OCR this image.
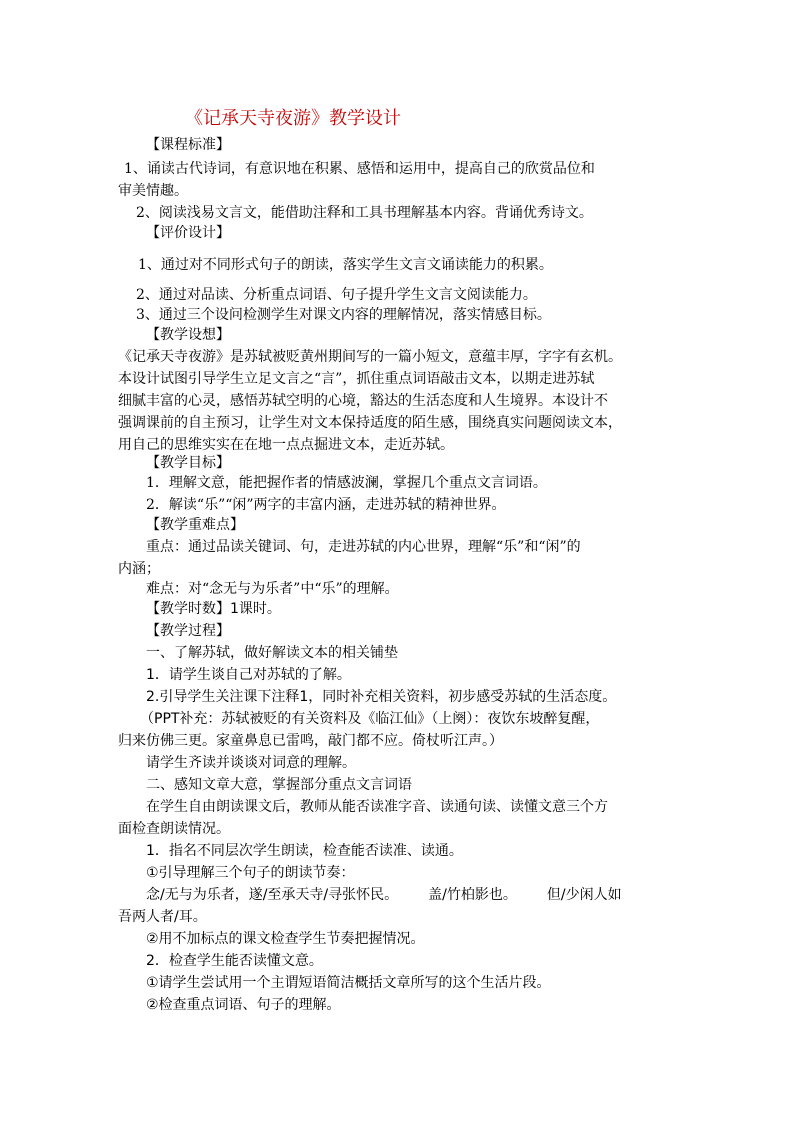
《记承天寺夜游》教学设计
【课程标准】
1、诵读古代诗词，有意识地在积累、感悟和运用中，提高自己的欣赏品位和
审美情趣。
2、阅读浅易文言文，能借助注释和工具书理解基本内容。背诵优秀诗文。
【评价设计】
1、通过对不同形式句子的朗读，落实学生文言文诵读能力的积累。
2、通过对品读、分析重点词语、句子提升学生文言文阅读能力。
3、通过三个设问检测学生对课文内容的理解情况，落实情感目标。
【教学设想】
《记承天寺夜游》是苏轼被贬黄州期间写的一篇小短文，意蕴丰厚，字字有玄机。
本设计试图引导学生立足文言之“言”，抓住重点词语敲击文本，以期走进苏轼
细腻丰富的心灵，感悟苏轼空明的心境，豁达的生活态度和人生境界。本设计不
强调课前的自主预习，让学生对文本保持适度的陌生感，围绕真实问题阅读文本，
用自己的思维实实在在地一点点掘进文本，走近苏轼。
【教学目标】
1．理解文意，能把握作者的情感波澜，掌握几个重点文言词语。
2．解读“乐”“闲”两字的丰富内涵，走进苏轼的精神世界。
【教学重难点】
重点：通过品读关键词、句，走进苏轼的内心世界，理解“乐”和“闲”的
内涵；
难点：对“念无与为乐者”中“乐”的理解。
【教学时数】1课时。
【教学过程】
一、了解苏轼，做好解读文本的相关铺垫
1．请学生谈自己对苏轼的了解。
2.引导学生关注课下注释1，同时补充相关资料，初步感受苏轼的生活态度。
（PPT补充：苏轼被贬的有关资料及《临江仙》（上阕）：夜饮东坡醉复醒，
归来仿佛三更。家童鼻息已雷鸣，敲门都不应。倚杖听江声。）
请学生齐读并谈谈对词意的理解。
二、感知文章大意，掌握部分重点文言词语
在学生自由朗读课文后，教师从能否读准字音、读通句读、读懂文意三个方
面检查朗读情况。
1．指名不同层次学生朗读，检查能否读准、读通。
①引导理解三个句子的朗读节奏：
念/无与为乐者，遂/至承天寺/寻张怀民。 盖/竹柏影也。 但/少闲人如
吾两人者/耳。
②用不加标点的课文检查学生节奏把握情况。
2．检查学生能否读懂文意。
①请学生尝试用一个主谓短语简洁概括文章所写的这个生活片段。
②检查重点词语、句子的理解。
